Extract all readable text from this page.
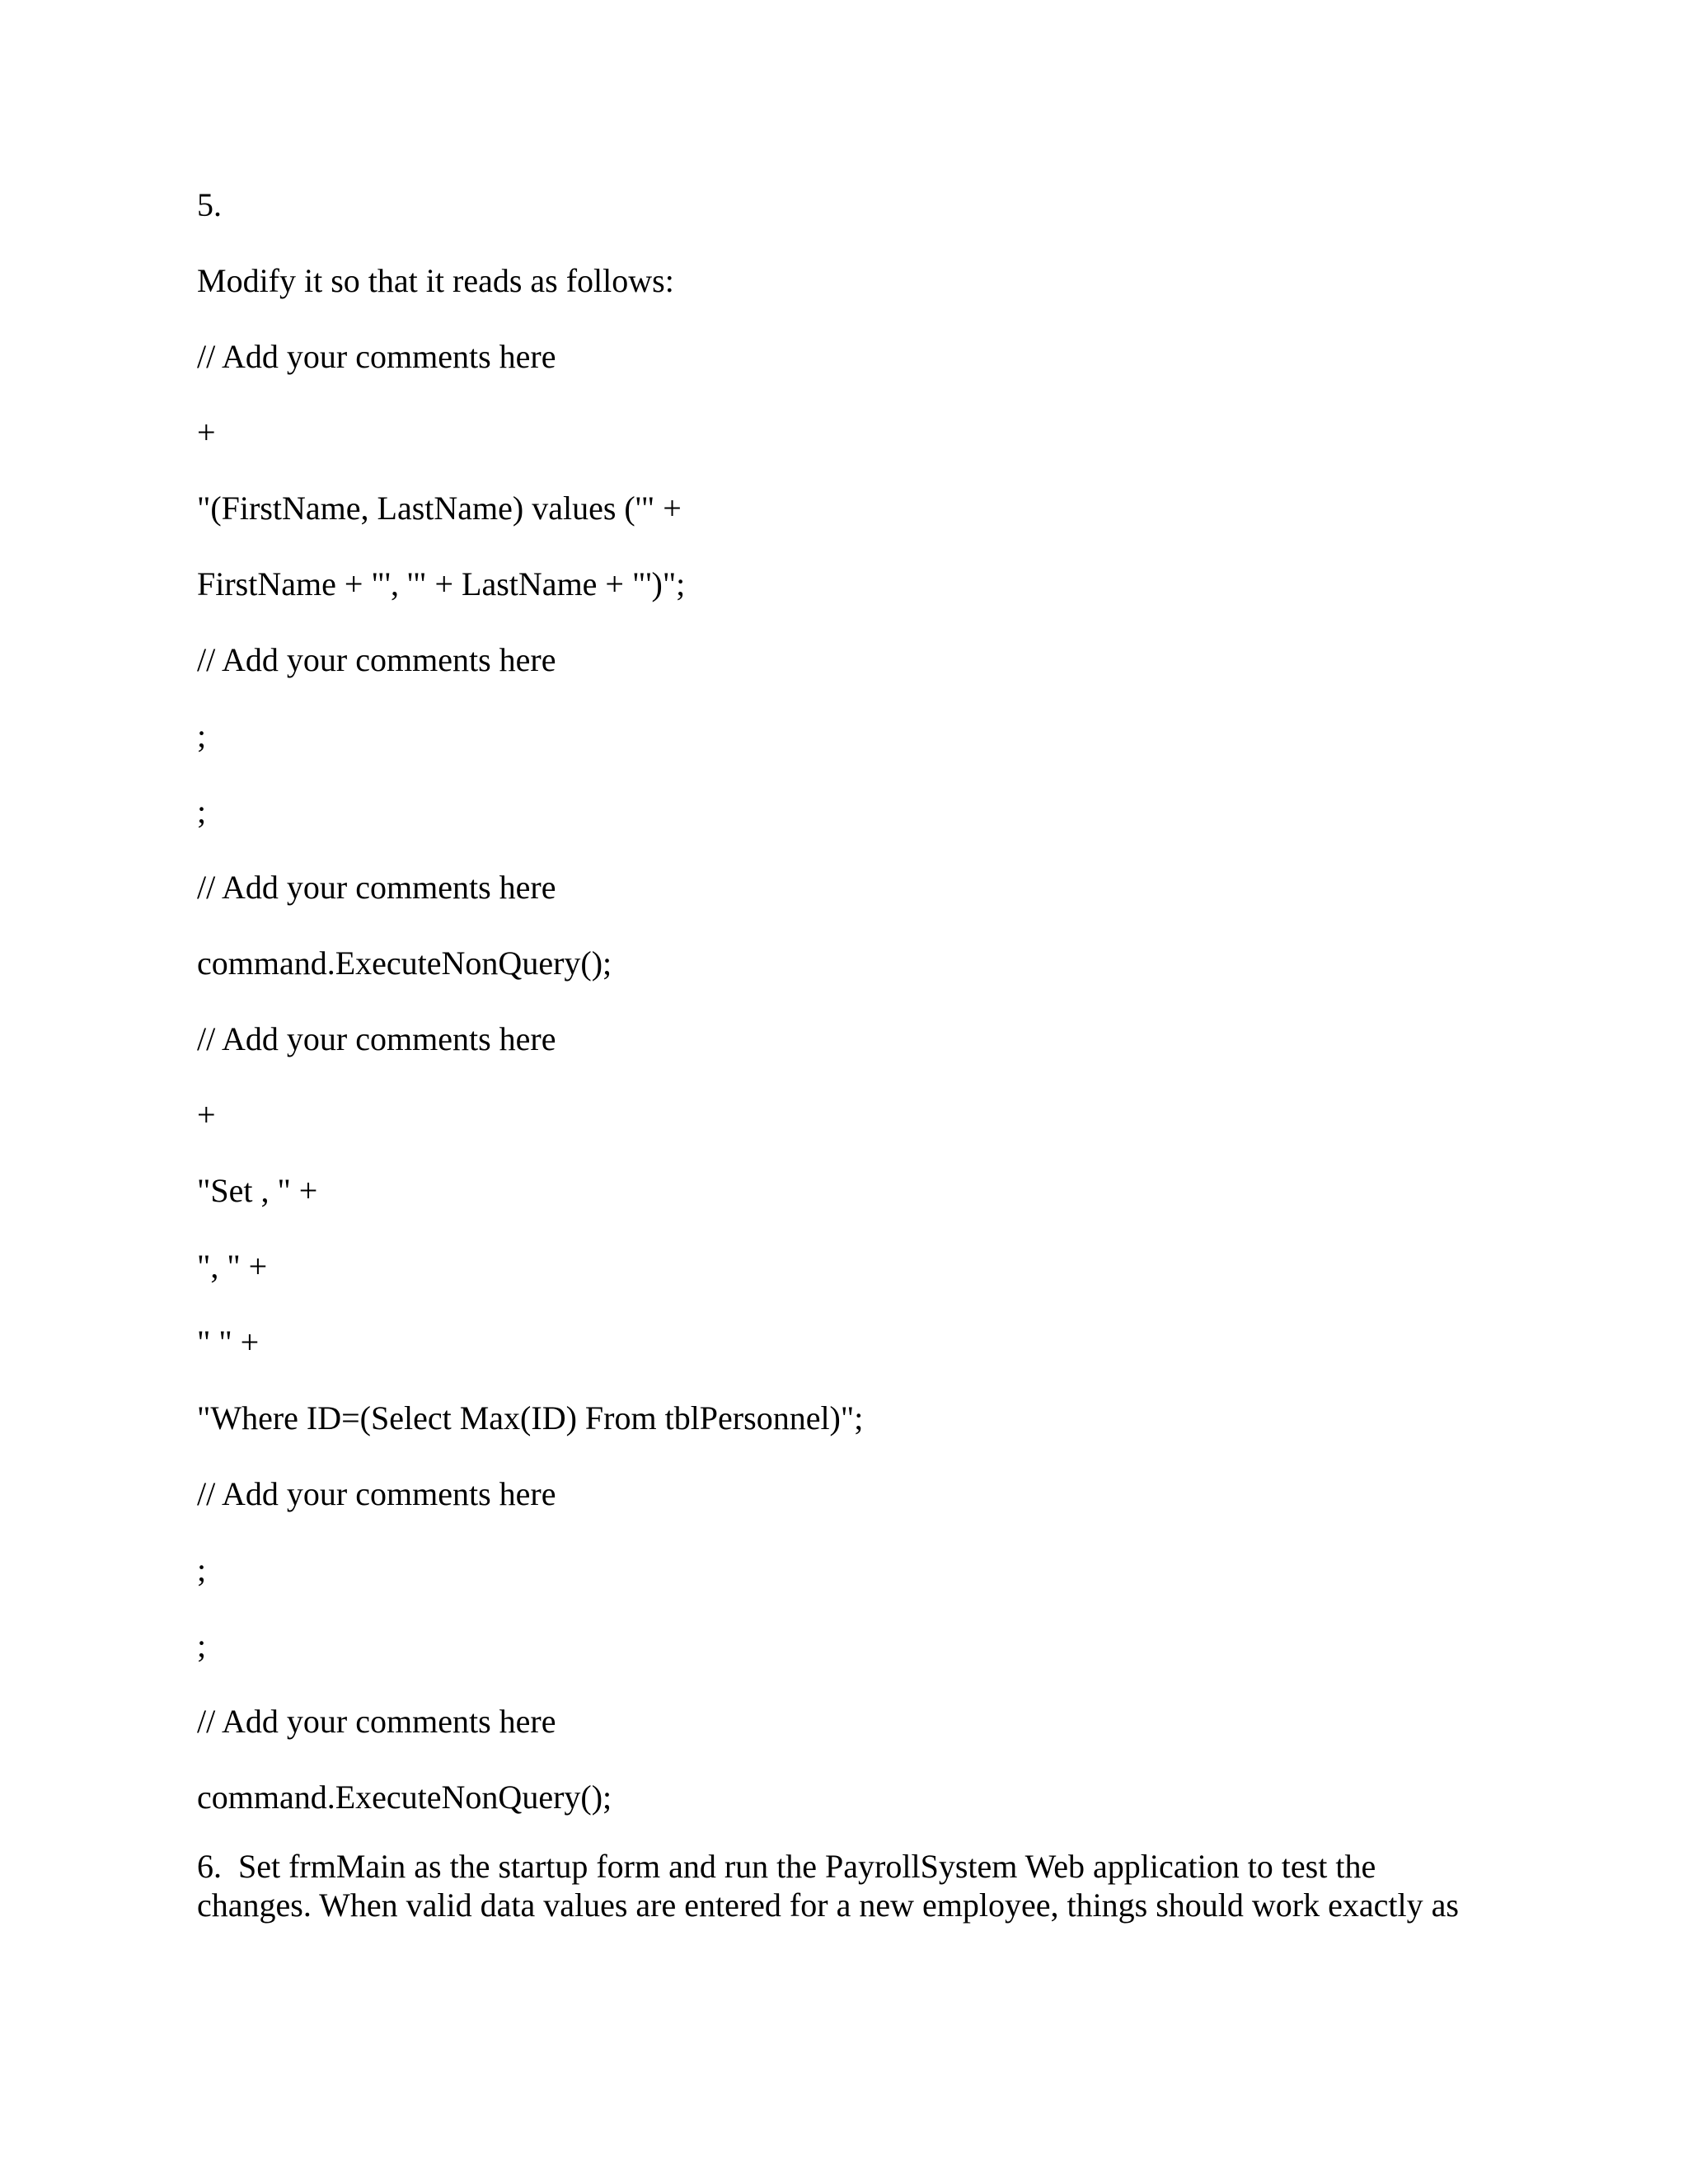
5.
Modify it so that it reads as follows:
// Add your comments here
+
"(FirstName, LastName) values ('" +
FirstName + "', '" + LastName + "')";
// Add your comments here
;
;
// Add your comments here
command.ExecuteNonQuery();
// Add your comments here
+
"Set , " +
", " +
" " +
"Where ID=(Select Max(ID) From tblPersonnel)";
// Add your comments here
;
;
// Add your comments here
command.ExecuteNonQuery();
6.  Set frmMain as the startup form and run the PayrollSystem Web application to test the
changes. When valid data values are entered for a new employee, things should work exactly as
